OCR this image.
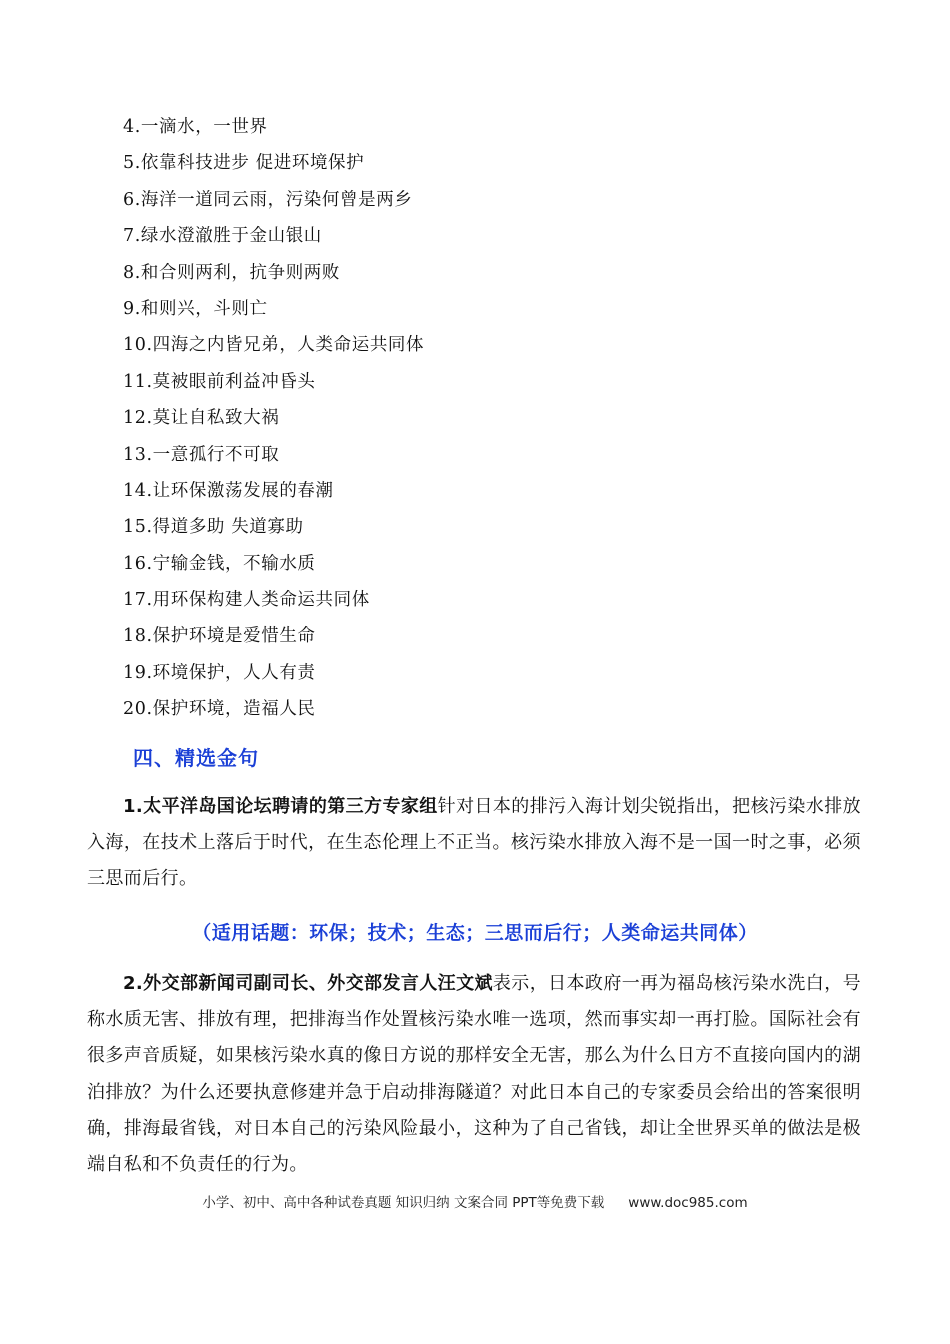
4.一滴水，一世界
5.依靠科技进步 促进环境保护
6.海洋一道同云雨，污染何曾是两乡
7.绿水澄澈胜于金山银山
8.和合则两利，抗争则两败
9.和则兴，斗则亡
10.四海之内皆兄弟，人类命运共同体
11.莫被眼前利益冲昏头
12.莫让自私致大祸
13.一意孤行不可取
14.让环保激荡发展的春潮
15.得道多助 失道寡助
16.宁输金钱，不输水质
17.用环保构建人类命运共同体
18.保护环境是爱惜生命
19.环境保护，人人有责
20.保护环境，造福人民
四、精选金句

1.太平洋岛国论坛聘请的第三方专家组针对日本的排污入海计划尖锐指出，把核污染水排放入海，在技术上落后于时代，在生态伦理上不正当。核污染水排放入海不是一国一时之事，必须三思而后行。

（适用话题：环保；技术；生态；三思而后行；人类命运共同体）

2.外交部新闻司副司长、外交部发言人汪文斌表示，日本政府一再为福岛核污染水洗白，号称水质无害、排放有理，把排海当作处置核污染水唯一选项，然而事实却一再打脸。国际社会有很多声音质疑，如果核污染水真的像日方说的那样安全无害，那么为什么日方不直接向国内的湖泊排放？为什么还要执意修建并急于启动排海隧道？对此日本自己的专家委员会给出的答案很明确，排海最省钱，对日本自己的污染风险最小，这种为了自己省钱，却让全世界买单的做法是极端自私和不负责任的行为。

小学、初中、高中各种试卷真题 知识归纳 文案合同 PPT等免费下载 www.doc985.com
